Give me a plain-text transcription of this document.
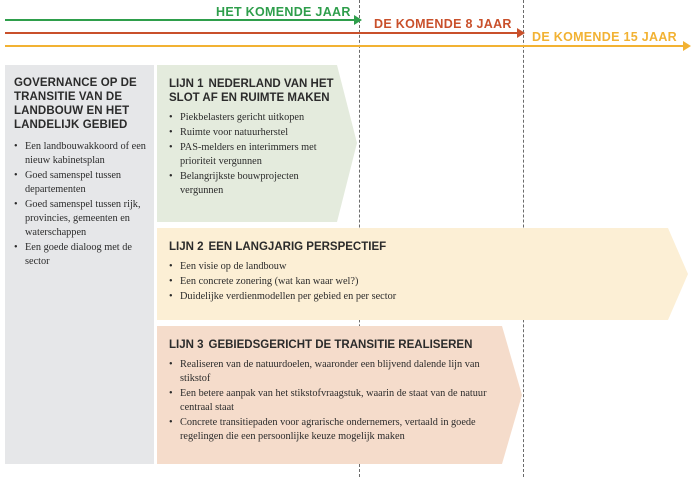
HET KOMENDE JAAR
DE KOMENDE 8 JAAR
DE KOMENDE 15 JAAR
GOVERNANCE OP DE TRANSITIE VAN DE LANDBOUW EN HET LANDELIJK GEBIED
• Een landbouwakkoord of een nieuw kabinetsplan
• Goed samenspel tussen departementen
• Goed samenspel tussen rijk, provincies, gemeenten en waterschappen
• Een goede dialoog met de sector
LIJN 1 NEDERLAND VAN HET SLOT AF EN RUIMTE MAKEN
• Piekbelasters gericht uitkopen
• Ruimte voor natuurherstel
• PAS-melders en interimmers met prioriteit vergunnen
• Belangrijkste bouwprojecten vergunnen
LIJN 2 EEN LANGJARIG PERSPECTIEF
• Een visie op de landbouw
• Een concrete zonering (wat kan waar wel?)
• Duidelijke verdienmodellen per gebied en per sector
LIJN 3 GEBIEDSGERICHT DE TRANSITIE REALISEREN
• Realiseren van de natuurdoelen, waaronder een blijvend dalende lijn van stikstof
• Een betere aanpak van het stikstofvraagstuk, waarin de staat van de natuur centraal staat
• Concrete transitiepaden voor agrarische ondernemers, vertaald in goede regelingen die een persoonlijke keuze mogelijk maken
